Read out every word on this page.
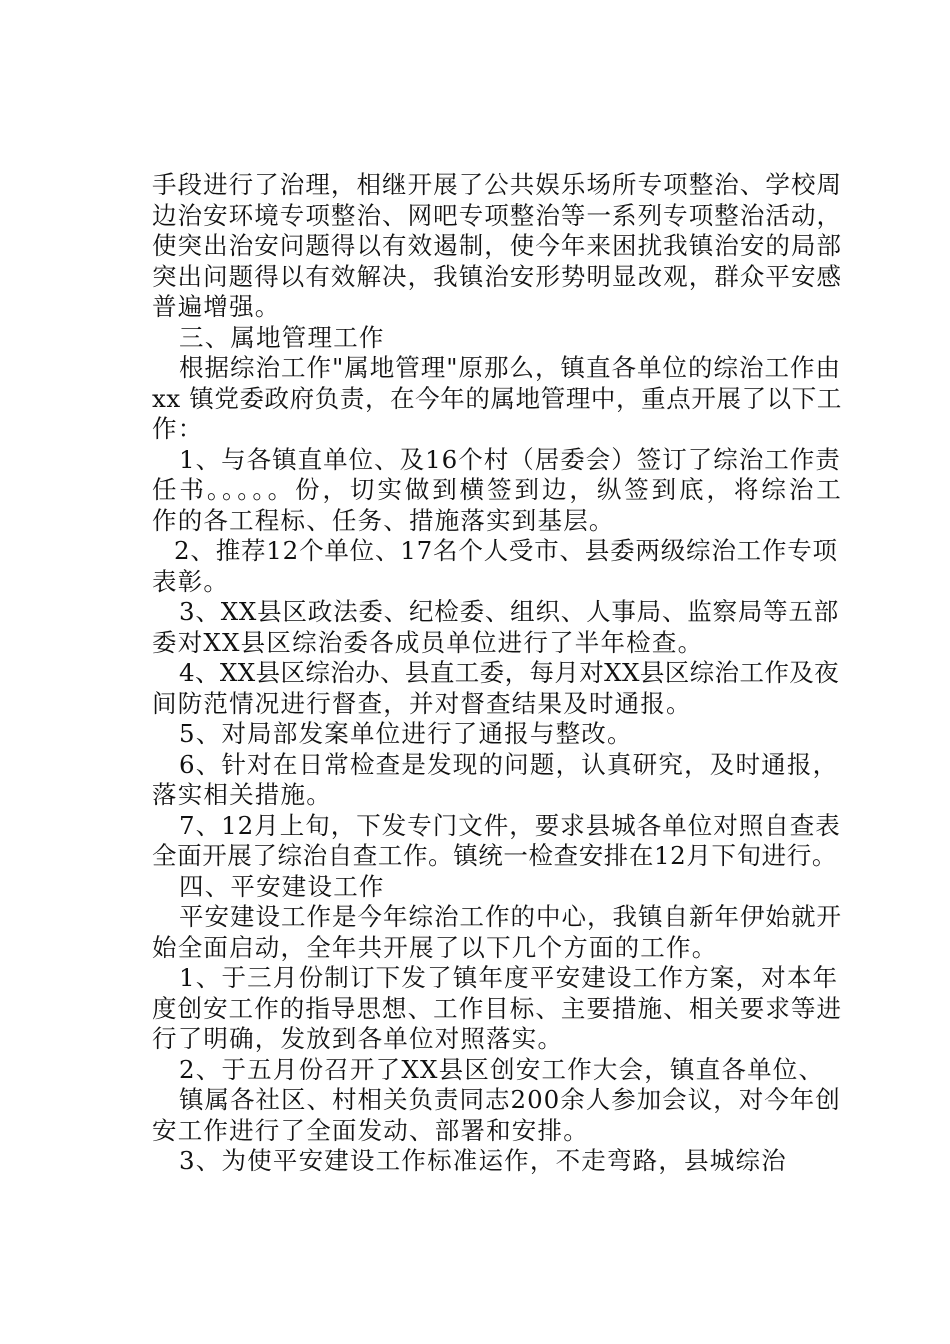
手段进行了治理，相继开展了公共娱乐场所专项整治、学校周
边治安环境专项整治、网吧专项整治等一系列专项整治活动，
使突出治安问题得以有效遏制，使今年来困扰我镇治安的局部
突出问题得以有效解决，我镇治安形势明显改观，群众平安感
普遍增强。
三、属地管理工作
根据综治工作"属地管理"原那么，镇直各单位的综治工作由
xx 镇党委政府负责，在今年的属地管理中，重点开展了以下工
作：
1、与各镇直单位、及16个村（居委会）签订了综治工作责
任书。。。。。份，切实做到横签到边，纵签到底，将综治工
作的各工程标、任务、措施落实到基层。
2、推荐12个单位、17名个人受市、县委两级综治工作专项
表彰。
3、XX县区政法委、纪检委、组织、人事局、监察局等五部
委对XX县区综治委各成员单位进行了半年检查。
4、XX县区综治办、县直工委，每月对XX县区综治工作及夜
间防范情况进行督查，并对督查结果及时通报。
5、对局部发案单位进行了通报与整改。
6、针对在日常检查是发现的问题，认真研究，及时通报，
落实相关措施。
7、12月上旬，下发专门文件，要求县城各单位对照自查表
全面开展了综治自查工作。镇统一检查安排在12月下旬进行。
四、平安建设工作
平安建设工作是今年综治工作的中心，我镇自新年伊始就开
始全面启动，全年共开展了以下几个方面的工作。
1、于三月份制订下发了镇年度平安建设工作方案，对本年
度创安工作的指导思想、工作目标、主要措施、相关要求等进
行了明确，发放到各单位对照落实。
2、于五月份召开了XX县区创安工作大会，镇直各单位、
镇属各社区、村相关负责同志200余人参加会议，对今年创
安工作进行了全面发动、部署和安排。
3、为使平安建设工作标准运作，不走弯路，县城综治
